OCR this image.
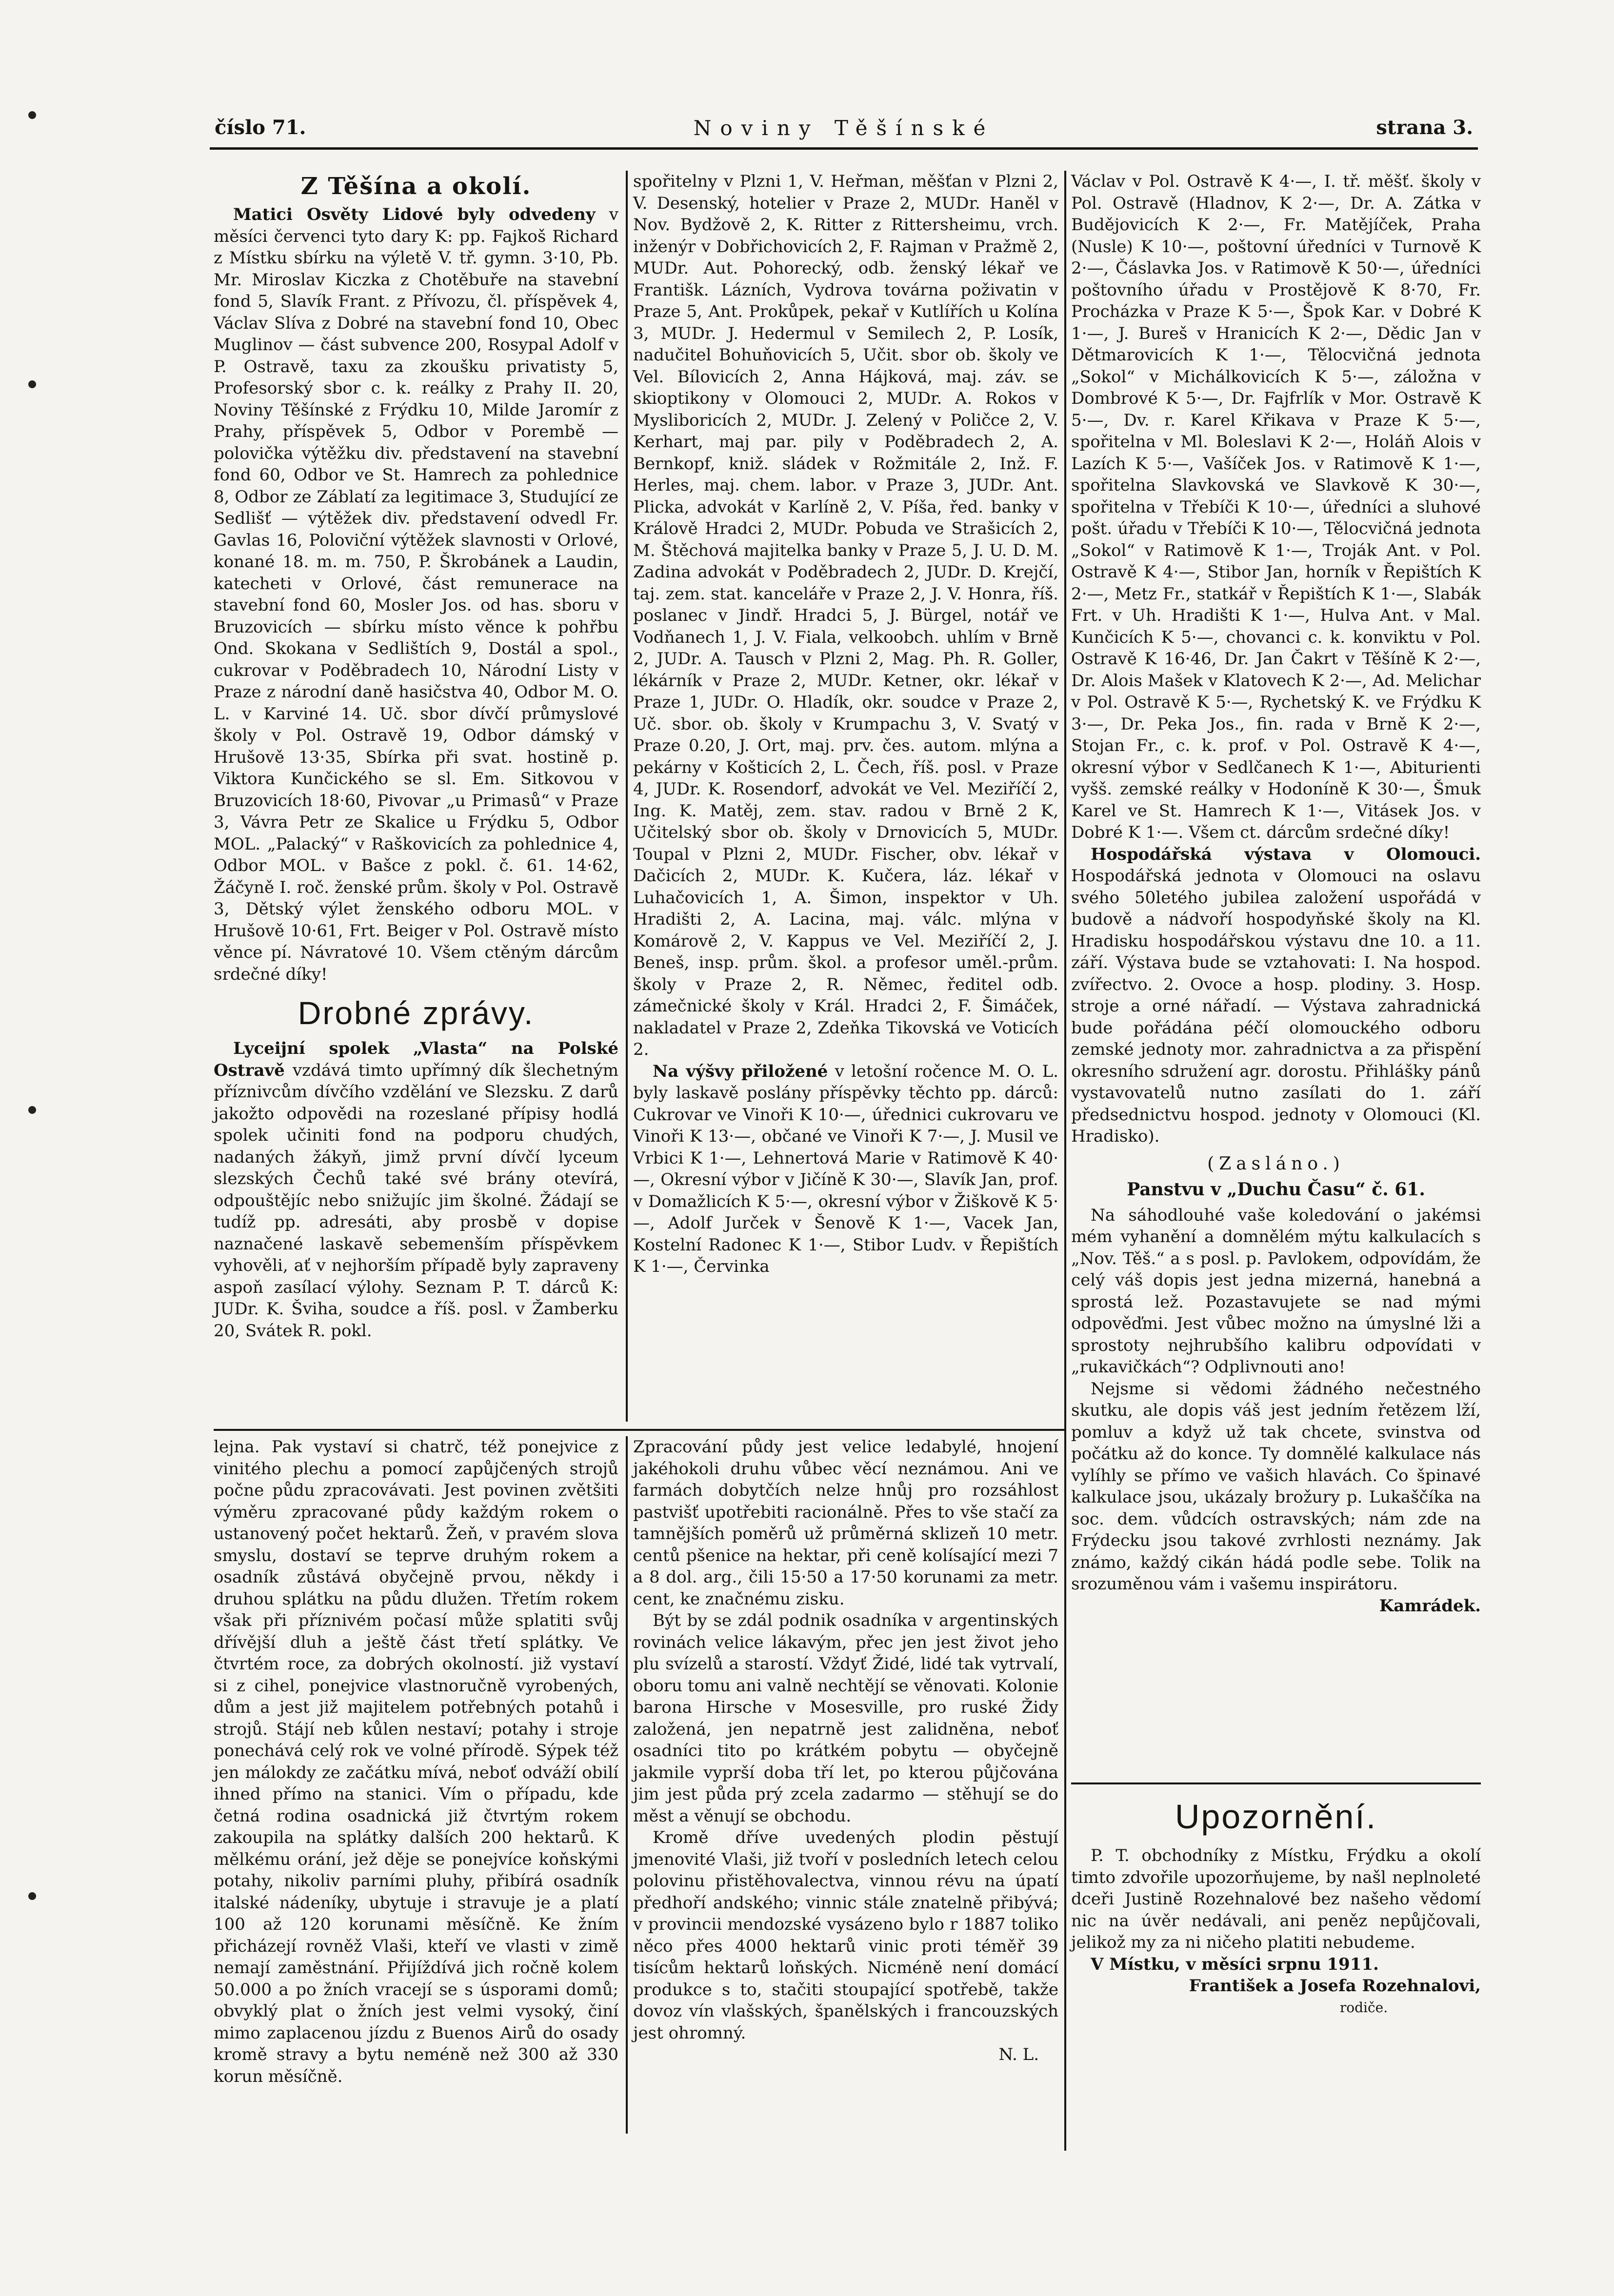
číslo 71.	Noviny Těšínské	strana 3.
Z Těšína a okolí.

Matici Osvěty Lidové byly odvedeny v měsíci červenci tyto dary K: pp. Fajkoš Richard z Místku sbírku na výletě V. tř. gymn. 3·10, Pb. Mr. Miroslav Kiczka z Chotěbuře na stavební fond 5, Slavík Frant. z Přívozu, čl. příspěvek 4, Václav Slíva z Dobré na stavební fond 10, Obec Muglinov — část subvence 200, Rosypal Adolf v P. Ostravě, taxu za zkoušku privatisty 5, Profesorský sbor c. k. reálky z Prahy II. 20, Noviny Těšínské z Frýdku 10, Milde Jaromír z Prahy, příspěvek 5, Odbor v Porembě — polovička výtěžku div. představení na stavební fond 60, Odbor ve St. Hamrech za pohlednice 8, Odbor ze Záblatí za legitimace 3, Studující ze Sedlišť — výtěžek div. představení odvedl Fr. Gavlas 16, Poloviční výtěžek slavnosti v Orlové, konané 18. m. m. 750, P. Škrobánek a Laudin, katecheti v Orlové, část remunerace na stavební fond 60, Mosler Jos. od has. sboru v Bruzovicích — sbírku místo věnce k pohřbu Ond. Skokana v Sedlištích 9, Dostál a spol., cukrovar v Poděbradech 10, Národní Listy v Praze z národní daně hasičstva 40, Odbor M. O. L. v Karviné 14. Uč. sbor dívčí průmyslové školy v Pol. Ostravě 19, Odbor dámský v Hrušově 13·35, Sbírka při svat. hostině p. Viktora Kunčického se sl. Em. Sitkovou v Bruzovicích 18·60, Pivovar „u Primasů“ v Praze 3, Vávra Petr ze Skalice u Frýdku 5, Odbor MOL. „Palacký“ v Raškovicích za pohlednice 4, Odbor MOL. v Bašce z pokl. č. 61. 14·62, Žáčyně I. roč. ženské prům. školy v Pol. Ostravě 3, Dětský výlet ženského odboru MOL. v Hrušově 10·61, Frt. Beiger v Pol. Ostravě místo věnce pí. Návratové 10. Všem ctěným dárcům srdečné díky!

Drobné zprávy.

Lyceijní spolek „Vlasta“ na Polské Ostravě vzdává timto upřímný dík šlechetným příznivcům dívčího vzdělání ve Slezsku. Z darů jakožto odpovědi na rozeslané přípisy hodlá spolek učiniti fond na podporu chudých, nadaných žákyň, jimž první dívčí lyceum slezských Čechů také své brány otevírá, odpouštějíc nebo snižujíc jim školné. Žádají se tudíž pp. adresáti, aby prosbě v dopise naznačené laskavě sebemenším příspěvkem vyhověli, ať v nejhorším případě byly zapraveny aspoň zasílací výlohy. Seznam P. T. dárců K: JUDr. K. Šviha, soudce a říš. posl. v Žamberku 20, Svátek R. pokl.

spořitelny v Plzni 1, V. Heřman, měšťan v Plzni 2, V. Desenský, hotelier v Praze 2, MUDr. Haněl v Nov. Bydžově 2, K. Ritter z Rittersheimu, vrch. inženýr v Dobřichovicích 2, F. Rajman v Pražmě 2, MUDr. Aut. Pohorecký, odb. ženský lékař ve Františk. Lázních, Vydrova továrna poživatin v Praze 5, Ant. Prokůpek, pekař v Kutlířích u Kolína 3, MUDr. J. Hedermul v Semilech 2, P. Losík, nadučitel Bohuňovicích 5, Učit. sbor ob. školy ve Vel. Bílovicích 2, Anna Hájková, maj. záv. se skioptikony v Olomouci 2, MUDr. A. Rokos v Mysliboricích 2, MUDr. J. Zelený v Poličce 2, V. Kerhart, maj par. pily v Poděbradech 2, A. Bernkopf, kniž. sládek v Rožmitále 2, Inž. F. Herles, maj. chem. labor. v Praze 3, JUDr. Ant. Plicka, advokát v Karlíně 2, V. Píša, řed. banky v Králově Hradci 2, MUDr. Pobuda ve Strašicích 2, M. Štěchová majitelka banky v Praze 5, J. U. D. M. Zadina advokát v Poděbradech 2, JUDr. D. Krejčí, taj. zem. stat. kanceláře v Praze 2, J. V. Honra, říš. poslanec v Jindř. Hradci 5, J. Bürgel, notář ve Vodňanech 1, J. V. Fiala, velkoobch. uhlím v Brně 2, JUDr. A. Tausch v Plzni 2, Mag. Ph. R. Goller, lékárník v Praze 2, MUDr. Ketner, okr. lékař v Praze 1, JUDr. O. Hladík, okr. soudce v Praze 2, Uč. sbor. ob. školy v Krumpachu 3, V. Svatý v Praze 0.20, J. Ort, maj. prv. čes. autom. mlýna a pekárny v Košticích 2, L. Čech, říš. posl. v Praze 4, JUDr. K. Rosendorf, advokát ve Vel. Meziříčí 2, Ing. K. Matěj, zem. stav. radou v Brně 2 K, Učitelský sbor ob. školy v Drnovicích 5, MUDr. Toupal v Plzni 2, MUDr. Fischer, obv. lékař v Dačicích 2, MUDr. K. Kučera, láz. lékař v Luhačovicích 1, A. Šimon, inspektor v Uh. Hradišti 2, A. Lacina, maj. válc. mlýna v Komárově 2, V. Kappus ve Vel. Meziříčí 2, J. Beneš, insp. prům. škol. a profesor uměl.-prům. školy v Praze 2, R. Němec, ředitel odb. zámečnické školy v Král. Hradci 2, F. Šimáček, nakladatel v Praze 2, Zdeňka Tikovská ve Voticích 2.

Na výšvy přiložené v letošní ročence M. O. L. byly laskavě poslány příspěvky těchto pp. dárců: Cukrovar ve Vinoři K 10·—, úřednici cukrovaru ve Vinoři K 13·—, občané ve Vinoři K 7·—, J. Musil ve Vrbici K 1·—, Lehnertová Marie v Ratimově K 40·—, Okresní výbor v Jičíně K 30·—, Slavík Jan, prof. v Domažlicích K 5·—, okresní výbor v Žiškově K 5·—, Adolf Jurček v Šenově K 1·—, Vacek Jan, Kostelní Radonec K 1·—, Stibor Ludv. v Řepištích K 1·—, Červinka

Václav v Pol. Ostravě K 4·—, I. tř. měšť. školy v Pol. Ostravě (Hladnov, K 2·—, Dr. A. Zátka v Budějovicích K 2·—, Fr. Matějíček, Praha (Nusle) K 10·—, poštovní úředníci v Turnově K 2·—, Čáslavka Jos. v Ratimově K 50·—, úředníci poštovního úřadu v Prostějově K 8·70, Fr. Procházka v Praze K 5·—, Špok Kar. v Dobré K 1·—, J. Bureš v Hranicích K 2·—, Dědic Jan v Dětmarovicích K 1·—, Tělocvičná jednota „Sokol“ v Michálkovicích K 5·—, záložna v Dombrové K 5·—, Dr. Fajfrlík v Mor. Ostravě K 5·—, Dv. r. Karel Křikava v Praze K 5·—, spořitelna v Ml. Boleslavi K 2·—, Holáň Alois v Lazích K 5·—, Vašíček Jos. v Ratimově K 1·—, spořitelna Slavkovská ve Slavkově K 30·—, spořitelna v Třebíči K 10·—, úředníci a sluhové pošt. úřadu v Třebíči K 10·—, Tělocvičná jednota „Sokol“ v Ratimově K 1·—, Troják Ant. v Pol. Ostravě K 4·—, Stibor Jan, horník v Řepištích K 2·—, Metz Fr., statkář v Řepištích K 1·—, Slabák Frt. v Uh. Hradišti K 1·—, Hulva Ant. v Mal. Kunčicích K 5·—, chovanci c. k. konviktu v Pol. Ostravě K 16·46, Dr. Jan Čakrt v Těšíně K 2·—, Dr. Alois Mašek v Klatovech K 2·—, Ad. Melichar v Pol. Ostravě K 5·—, Rychetský K. ve Frýdku K 3·—, Dr. Peka Jos., fin. rada v Brně K 2·—, Stojan Fr., c. k. prof. v Pol. Ostravě K 4·—, okresní výbor v Sedlčanech K 1·—, Abiturienti vyšš. zemské reálky v Hodoníně K 30·—, Šmuk Karel ve St. Hamrech K 1·—, Vitásek Jos. v Dobré K 1·—. Všem ct. dárcům srdečné díky!

Hospodářská výstava v Olomouci. Hospodářská jednota v Olomouci na oslavu svého 50letého jubilea založení uspořádá v budově a nádvoří hospodyňské školy na Kl. Hradisku hospodářskou výstavu dne 10. a 11. září. Výstava bude se vztahovati: I. Na hospod. zvířectvo. 2. Ovoce a hosp. plodiny. 3. Hosp. stroje a orné nářadí. — Výstava zahradnická bude pořádána péčí olomouckého odboru zemské jednoty mor. zahradnictva a za přispění okresního sdružení agr. dorostu. Přihlášky pánů vystavovatelů nutno zasílati do 1. září předsednictvu hospod. jednoty v Olomouci (Kl. Hradisko).

(Zasláno.)
Panstvu v „Duchu Času“ č. 61.

Na sáhodlouhé vaše koledování o jakémsi mém vyhanění a domnělém mýtu kalkulacích s „Nov. Těš.“ a s posl. p. Pavlokem, odpovídám, že celý váš dopis jest jedna mizerná, hanebná a sprostá lež. Pozastavujete se nad mými odpověďmi. Jest vůbec možno na úmyslné lži a sprostoty nejhrubšího kalibru odpovídati v „rukavičkách“? Odplivnouti ano!

Nejsme si vědomi žádného nečestného skutku, ale dopis váš jest jedním řetězem lží, pomluv a když už tak chcete, svinstva od počátku až do konce. Ty domnělé kalkulace nás vylíhly se přímo ve vašich hlavách. Co špinavé kalkulace jsou, ukázaly brožury p. Lukaščíka na soc. dem. vůdcích ostravských; nám zde na Frýdecku jsou takové zvrhlosti neznámy. Jak známo, každý cikán hádá podle sebe. Tolik na srozuměnou vám i vašemu inspirátoru.

Kamrádek.

lejna. Pak vystaví si chatrč, též ponejvice z vinitého plechu a pomocí zapůjčených strojů počne půdu zpracovávati. Jest povinen zvětšiti výměru zpracované půdy každým rokem o ustanovený počet hektarů. Žeň, v pravém slova smyslu, dostaví se teprve druhým rokem a osadník zůstává obyčejně prvou, někdy i druhou splátku na půdu dlužen. Třetím rokem však při příznivém počasí může splatiti svůj dřívější dluh a ještě část třetí splátky. Ve čtvrtém roce, za dobrých okolností. již vystaví si z cihel, ponejvice vlastnoručně vyrobených, dům a jest již majitelem potřebných potahů i strojů. Stájí neb kůlen nestaví; potahy i stroje ponechává celý rok ve volné přírodě. Sýpek též jen málokdy ze začátku mívá, neboť odváží obilí ihned přímo na stanici. Vím o případu, kde četná rodina osadnická již čtvrtým rokem zakoupila na splátky dalších 200 hektarů. K mělkému orání, jež děje se ponejvíce koňskými potahy, nikoliv parními pluhy, přibírá osadník italské nádeníky, ubytuje i stravuje je a platí 100 až 120 korunami měsíčně. Ke žním přicházejí rovněž Vlaši, kteří ve vlasti v zimě nemají zaměstnání. Přijíždívá jich ročně kolem 50.000 a po žních vracejí se s úsporami domů; obvyklý plat o žních jest velmi vysoký, činí mimo zaplacenou jízdu z Buenos Airů do osady kromě stravy a bytu neméně než 300 až 330 korun měsíčně.

Zpracování půdy jest velice ledabylé, hnojení jakéhokoli druhu vůbec věcí neznámou. Ani ve farmách dobytčích nelze hnůj pro rozsáhlost pastvišť upotřebiti racionálně. Přes to vše stačí za tamnějších poměrů už průměrná sklizeň 10 metr. centů pšenice na hektar, při ceně kolísající mezi 7 a 8 dol. arg., čili 15·50 a 17·50 korunami za metr. cent, ke značnému zisku.

Být by se zdál podnik osadníka v argentinských rovinách velice lákavým, přec jen jest život jeho plu svízelů a starostí. Vždyť Židé, lidé tak vytrvalí, oboru tomu ani valně nechtějí se věnovati. Kolonie barona Hirsche v Mosesville, pro ruské Židy založená, jen nepatrně jest zalidněna, neboť osadníci tito po krátkém pobytu — obyčejně jakmile vyprší doba tří let, po kterou půjčována jim jest půda prý zcela zadarmo — stěhují se do měst a věnují se obchodu.

Kromě dříve uvedených plodin pěstují jmenovité Vlaši, již tvoří v posledních letech celou polovinu přistěhovalectva, vinnou révu na úpatí předhoří andského; vinnic stále znatelně přibývá; v provincii mendozské vysázeno bylo r 1887 toliko něco přes 4000 hektarů vinic proti téměř 39 tisícům hektarů loňských. Nicméně není domácí produkce s to, stačiti stoupající spotřebě, takže dovoz vín vlašských, španělských i francouzských jest ohromný.

N. L.
Upozornění.

P. T. obchodníky z Místku, Frýdku a okolí timto zdvořile upozorňujeme, by našl neplnoleté dceři Justině Rozehnalové bez našeho vědomí nic na úvěr nedávali, ani peněz nepůjčovali, jelikož my za ni ničeho platiti nebudeme.

V Místku, v měsíci srpnu 1911.

František a Josefa Rozehnalovi,
rodiče.
